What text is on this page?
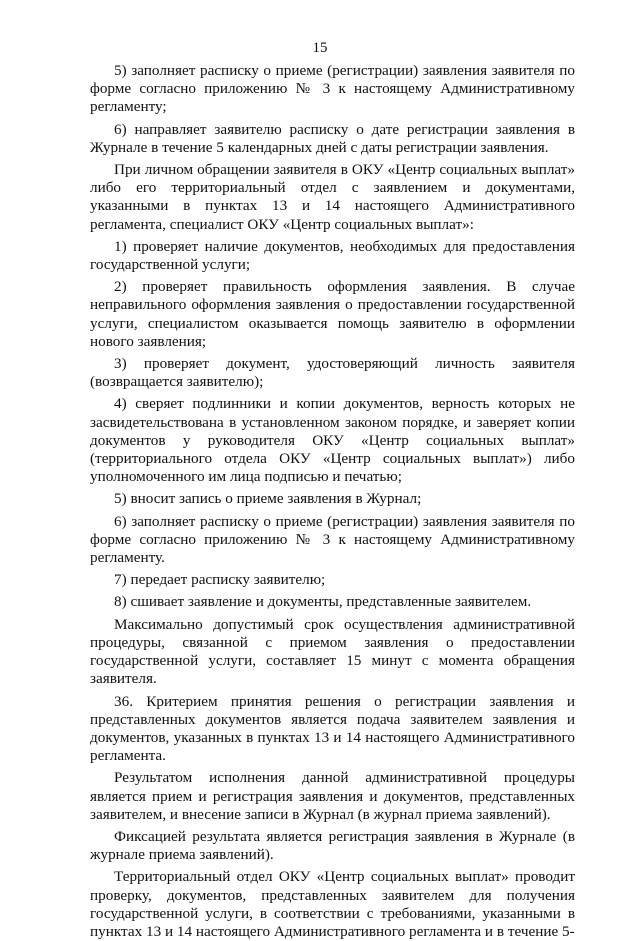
15

5) заполняет расписку о приеме (регистрации) заявления заявителя по форме согласно приложению № 3 к настоящему Административному регламенту;

6) направляет заявителю расписку о дате регистрации заявления в Журнале в течение 5 календарных дней с даты регистрации заявления.

При личном обращении заявителя в ОКУ «Центр социальных выплат» либо его территориальный отдел с заявлением и документами, указанными в пунктах 13 и 14 настоящего Административного регламента, специалист ОКУ «Центр социальных выплат»:

1) проверяет наличие документов, необходимых для предоставления государственной услуги;

2) проверяет правильность оформления заявления. В случае неправильного оформления заявления о предоставлении государственной услуги, специалистом оказывается помощь заявителю в оформлении нового заявления;

3) проверяет документ, удостоверяющий личность заявителя (возвращается заявителю);

4) сверяет подлинники и копии документов, верность которых не засвидетельствована в установленном законом порядке, и заверяет копии документов у руководителя ОКУ «Центр социальных выплат» (территориального отдела ОКУ «Центр социальных выплат») либо уполномоченного им лица подписью и печатью;

5) вносит запись о приеме заявления в Журнал;

6) заполняет расписку о приеме (регистрации) заявления заявителя по форме согласно приложению № 3 к настоящему Административному регламенту.

7) передает расписку заявителю;

8) сшивает заявление и документы, представленные заявителем.

Максимально допустимый срок осуществления административной процедуры, связанной с приемом заявления о предоставлении государственной услуги, составляет 15 минут с момента обращения заявителя.

36. Критерием принятия решения о регистрации заявления и представленных документов является подача заявителем заявления и документов, указанных в пунктах 13 и 14 настоящего Административного регламента.

Результатом исполнения данной административной процедуры является прием и регистрация заявления и документов, представленных заявителем, и внесение записи в Журнал (в журнал приема заявлений).

Фиксацией результата является регистрация заявления в Журнале (в журнале приема заявлений).

Территориальный отдел ОКУ «Центр социальных выплат» проводит проверку, документов, представленных заявителем для получения государственной услуги, в соответствии с требованиями, указанными в пунктах 13 и 14 настоящего Административного регламента и в течение 5-
